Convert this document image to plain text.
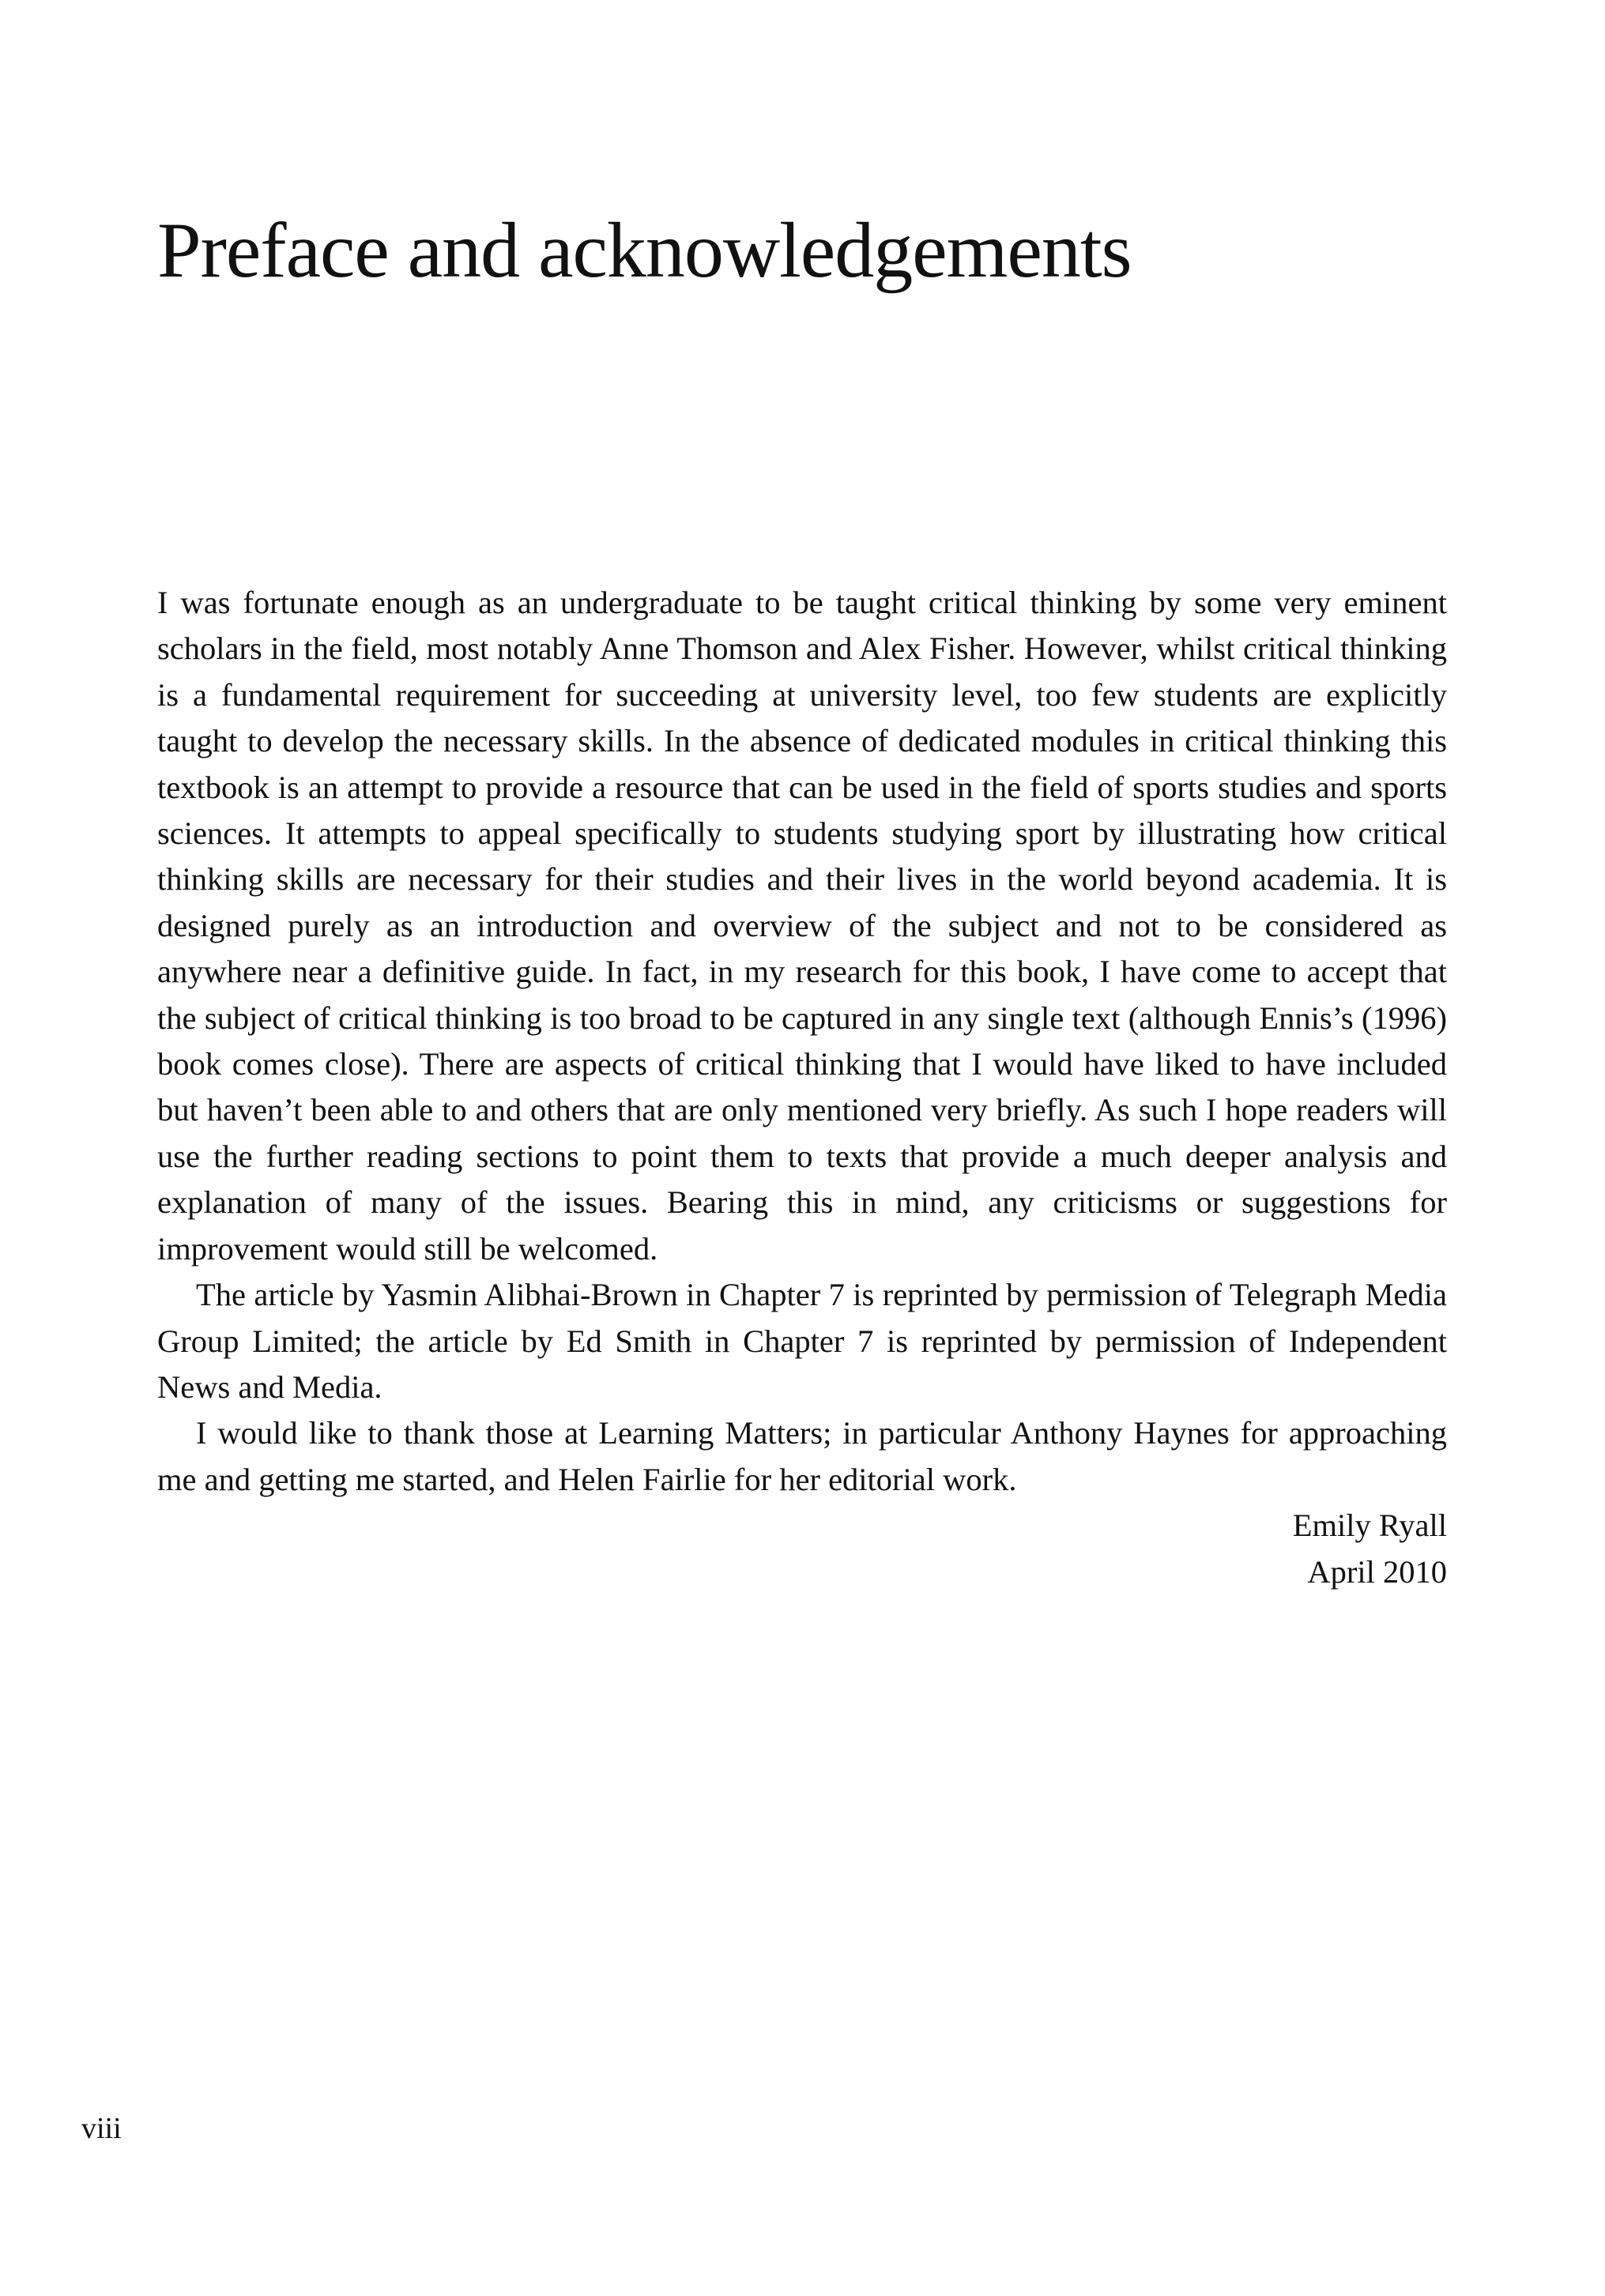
Preface and acknowledgements

I was fortunate enough as an undergraduate to be taught critical thinking by some very eminent scholars in the field, most notably Anne Thomson and Alex Fisher. However, whilst critical thinking is a fundamental requirement for succeeding at university level, too few students are explicitly taught to develop the necessary skills. In the absence of dedicated modules in critical thinking this textbook is an attempt to provide a resource that can be used in the field of sports studies and sports sciences. It attempts to appeal specifically to students studying sport by illustrating how critical thinking skills are necessary for their studies and their lives in the world beyond academia. It is designed purely as an introduction and overview of the subject and not to be considered as anywhere near a definitive guide. In fact, in my research for this book, I have come to accept that the subject of critical thinking is too broad to be captured in any single text (although Ennis’s (1996) book comes close). There are aspects of critical thinking that I would have liked to have included but haven’t been able to and others that are only mentioned very briefly. As such I hope readers will use the further reading sections to point them to texts that provide a much deeper analysis and explanation of many of the issues. Bearing this in mind, any criticisms or suggestions for improvement would still be welcomed.

The article by Yasmin Alibhai-Brown in Chapter 7 is reprinted by permission of Telegraph Media Group Limited; the article by Ed Smith in Chapter 7 is reprinted by permission of Independent News and Media.

I would like to thank those at Learning Matters; in particular Anthony Haynes for approaching me and getting me started, and Helen Fairlie for her editorial work.

Emily Ryall
April 2010
viii
